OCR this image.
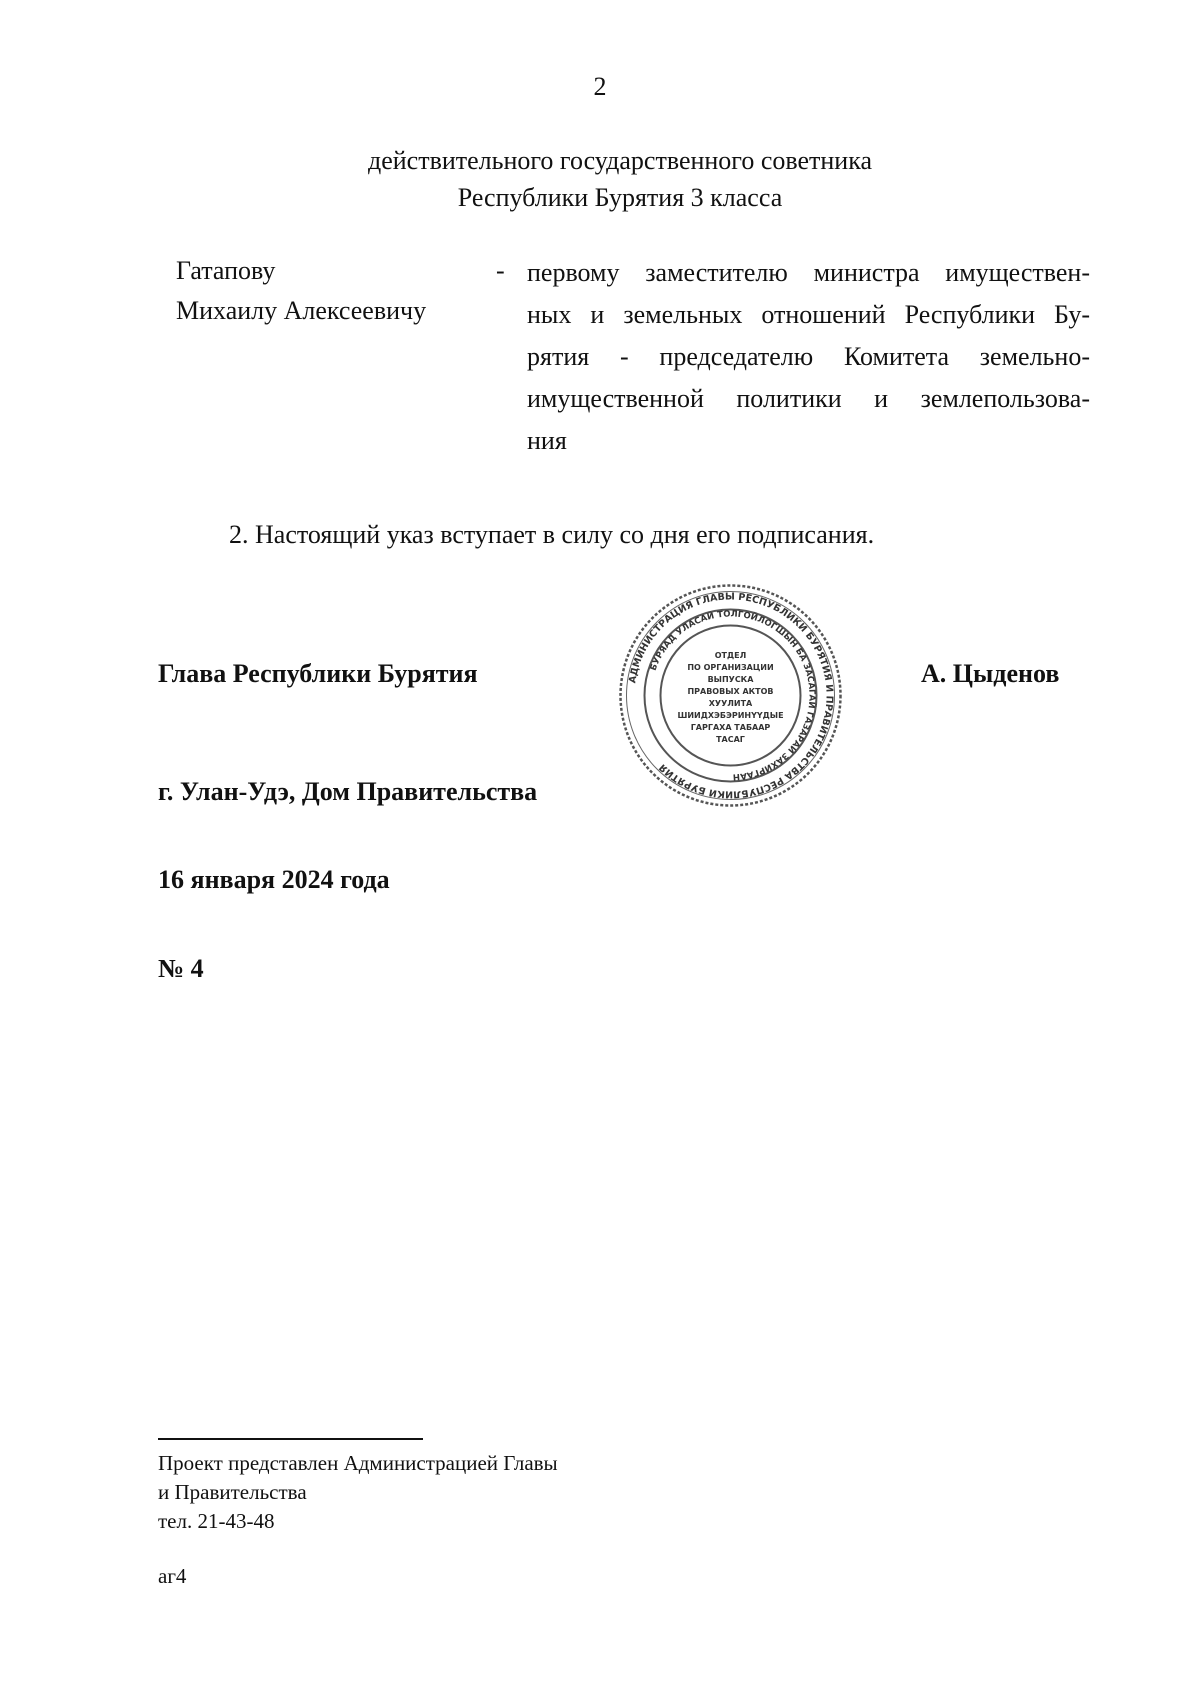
2
действительного государственного советника
Республики Бурятия 3 класса
Гатапову
Михаилу Алексеевичу
- первому заместителю министра имуществен-
ных и земельных отношений Республики Бу-
рятия - председателю Комитета земельно-
имущественной политики и землепользова-
ния
2. Настоящий указ вступает в силу со дня его подписания.
Глава Республики Бурятия	А. Цыденов
АДМИНИСТРАЦИЯ ГЛАВЫ РЕСПУБЛИКИ БУРЯТИЯ И ПРАВИТЕЛЬСТВА РЕСПУБЛИКИ БУРЯТИЯ
БУРЯАД УЛАСАЙ ТОЛГОЙЛОГШЫН БА ЗАСАГАЙ ГАЗАРАЙ ЗАХИРГААН
ОТДЕЛ
ПО ОРГАНИЗАЦИИ
ВЫПУСКА
ПРАВОВЫХ АКТОВ
ХУУЛИТА
ШИИДХЭБЭРИНҮҮДЫЕ
ГАРГАХА ТАБААР
ТАСАГ
г. Улан-Удэ, Дом Правительства
16 января 2024 года
№ 4
Проект представлен Администрацией Главы
и Правительства
тел. 21-43-48
аг4
